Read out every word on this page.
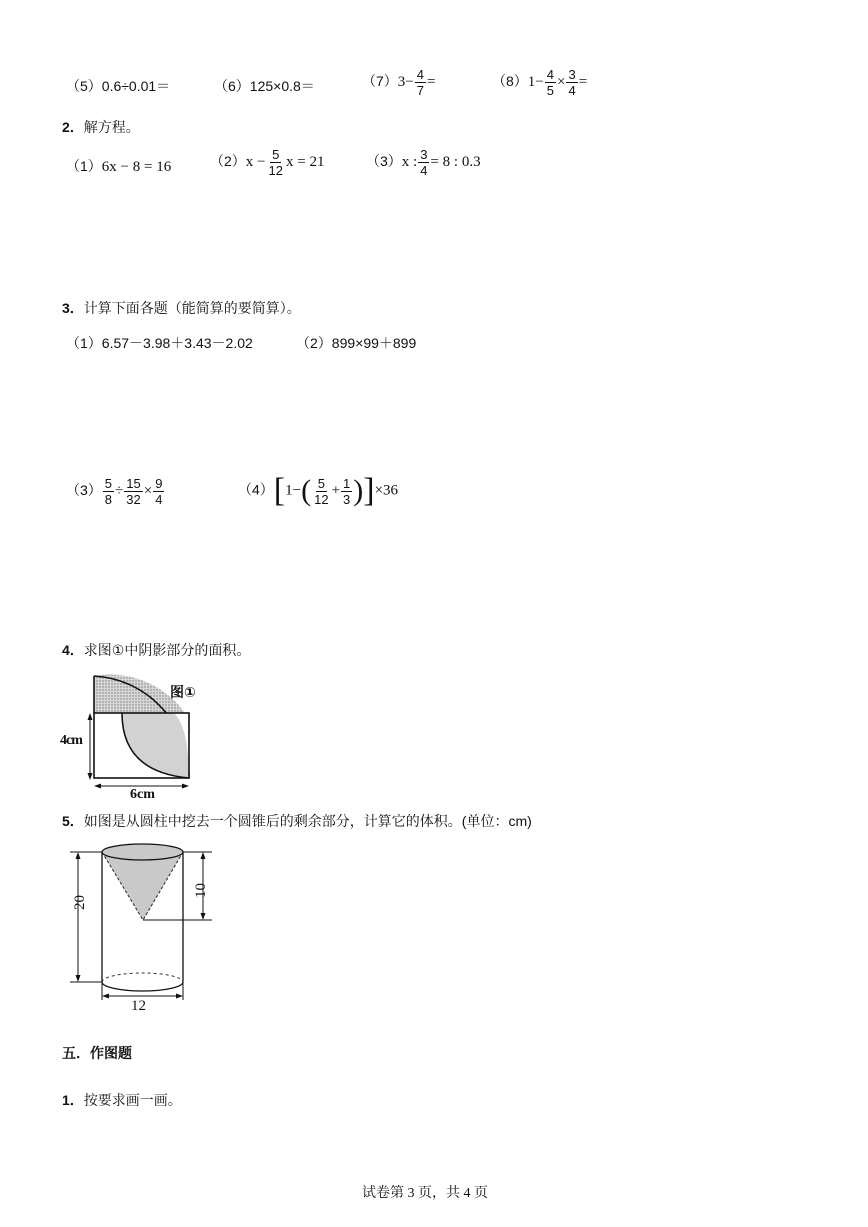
（5）0.6÷0.01＝	（6）125×0.8＝	$(7)3- \frac{4}{7}$ =	$(8)1- \frac{4}{5} \times \frac{3}{4}$ =
2．解方程。
（1）6x − 8 = 16	$(2)x - \frac{5}{12}$ x = 21	（3）x : $\frac{3}{4} = 8$ : 0.3
3．计算下面各题（能简算的要简算）。
（1）6.57－3.98＋3.43－2.02	（2）899×99＋899
$(3) \frac{5}{8} \div \frac{15}{32} \times \frac{9}{4}$	$(4)[1-( \frac{5}{12} + \frac{1}{3} )]\times 36$
4．求图①中阴影部分的面积。
图①
4cm
6cm
5．如图是从圆柱中挖去一个圆锥后的剩余部分，计算它的体积。(单位：cm)
20
10
12
五．作图题
1．按要求画一画。
试卷第 3 页，共 4 页
